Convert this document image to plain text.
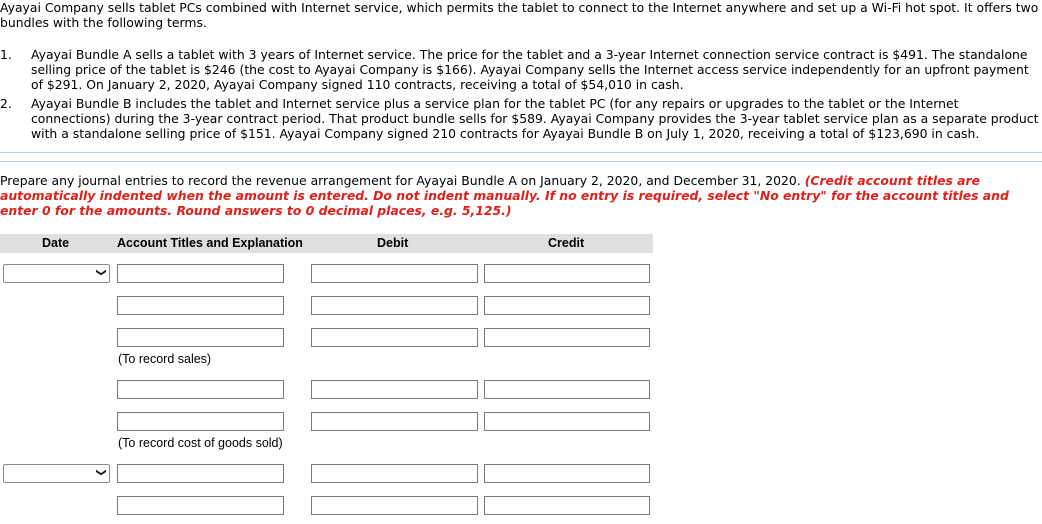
Ayayai Company sells tablet PCs combined with Internet service, which permits the tablet to connect to the Internet anywhere and set up a Wi-Fi hot spot. It offers two bundles with the following terms.
1. Ayayai Bundle A sells a tablet with 3 years of Internet service. The price for the tablet and a 3-year Internet connection service contract is $491. The standalone selling price of the tablet is $246 (the cost to Ayayai Company is $166). Ayayai Company sells the Internet access service independently for an upfront payment of $291. On January 2, 2020, Ayayai Company signed 110 contracts, receiving a total of $54,010 in cash.
2. Ayayai Bundle B includes the tablet and Internet service plus a service plan for the tablet PC (for any repairs or upgrades to the tablet or the Internet connections) during the 3-year contract period. That product bundle sells for $589. Ayayai Company provides the 3-year tablet service plan as a separate product with a standalone selling price of $151. Ayayai Company signed 210 contracts for Ayayai Bundle B on July 1, 2020, receiving a total of $123,690 in cash.
Prepare any journal entries to record the revenue arrangement for Ayayai Bundle A on January 2, 2020, and December 31, 2020. (Credit account titles are automatically indented when the amount is entered. Do not indent manually. If no entry is required, select "No entry" for the account titles and enter 0 for the amounts. Round answers to 0 decimal places, e.g. 5,125.)
Date	Account Titles and Explanation	Debit	Credit
❯
(To record sales)
(To record cost of goods sold)
❯
